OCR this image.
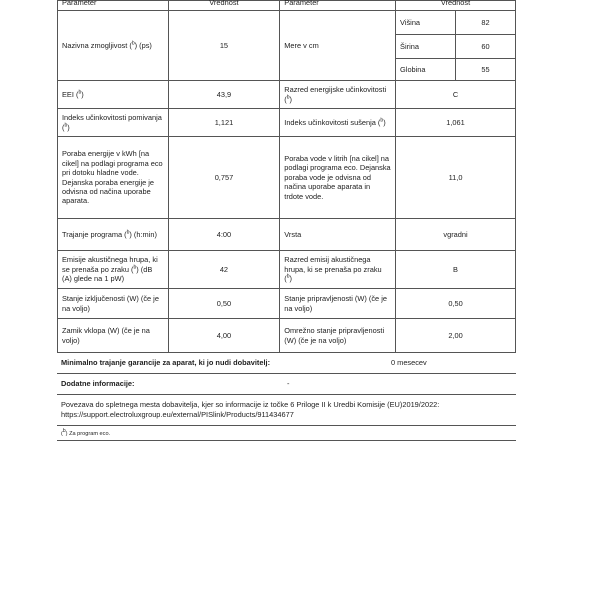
Parameter	Vrednost	Parameter	Vrednost	

Nazivna zmogljivost ($^b$) (ps)	15	Mere v cm	Višina	82
			Širina	60
			Globina	55
EEI ($^b$)	43,9	Razred energijske učinkovitosti ($^b$)	C	
Indeks učinkovitosti pomivanja ($^b$)	1,121	Indeks učinkovitosti sušenja ($^b$)	1,061	
Poraba energije v kWh [na cikel] na podlagi programa eco pri dotoku hladne vode. Dejanska poraba energije je odvisna od načina uporabe aparata.	0,757	Poraba vode v litrih [na cikel] na podlagi programa eco. Dejanska poraba vode je odvisna od načina uporabe aparata in trdote vode.	11,0	
Trajanje programa ($^b$) (h:min)	4:00	Vrsta	vgradni	
Emisije akustičnega hrupa, ki se prenaša po zraku ($^b$) (dB (A) glede na 1 pW)	42	Razred emisij akustičnega hrupa, ki se prenaša po zraku ($^b$)	B	
Stanje izključenosti (W) (če je na voljo)	0,50	Stanje pripravljenosti (W) (če je na voljo)	0,50	
Zamik vklopa (W) (če je na voljo)	4,00	Omrežno stanje pripravljenosti (W) (če je na voljo)	2,00	
Minimalno trajanje garancije za aparat, ki jo nudi dobavitelj:	0 mesecev
Dodatne informacije:	-
Povezava do spletnega mesta dobavitelja, kjer so informacije iz točke 6 Priloge II k Uredbi Komisije (EU)2019/2022:
https://support.electroluxgroup.eu/external/PISlink/Products/911434677
($^b$) Za program eco.
